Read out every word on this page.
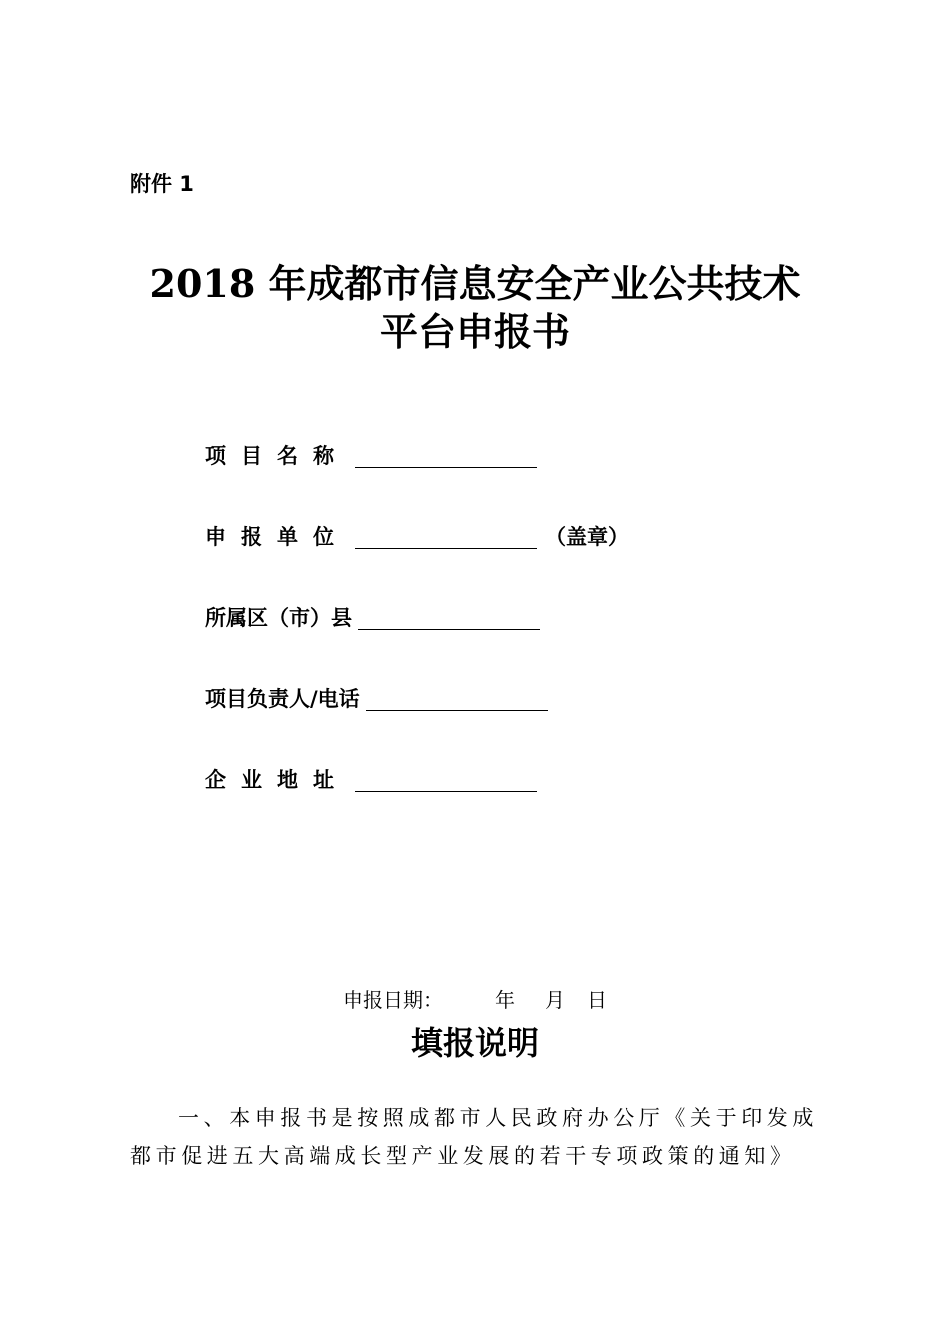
附件 1
2018 年成都市信息安全产业公共技术
平台申报书
项目名称
申报单位	（盖章）
所属区（市）县
项目负责人/电话
企业地址
申报日期：	年 月 日
填报说明
一、本申报书是按照成都市人民政府办公厅《关于印发成
都市促进五大高端成长型产业发展的若干专项政策的通知》
